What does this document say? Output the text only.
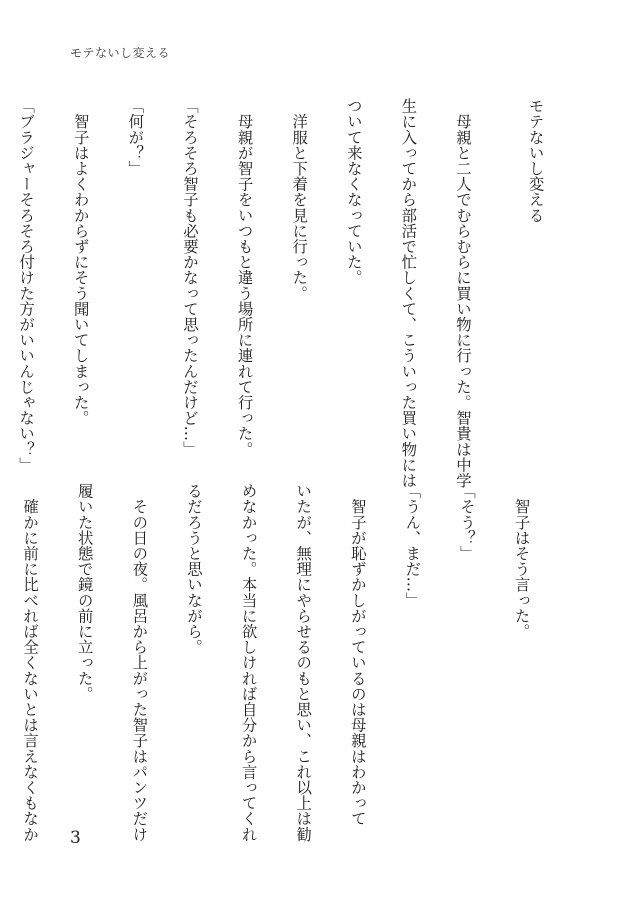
モテないし変える

モテないし変える

　母親と二人でむらむらに買い物に行った。智貴は中学

生に入ってから部活で忙しくて、こういった買い物には

ついて来なくなっていた。

　洋服と下着を見に行った。

　母親が智子をいつもと違う場所に連れて行った。

「そろそろ智子も必要かなって思ったんだけど…」

「何が？」

　智子はよくわからずにそう聞いてしまった。

「ブラジャーそろそろ付けた方がいいんじゃない？」

　智子はそう言った。

「そう？」

「うん、まだ…」

　智子が恥ずかしがっているのは母親はわかって

いたが、無理にやらせるのもと思い、これ以上は勧

めなかった。本当に欲しければ自分から言ってくれ

るだろうと思いながら。

　その日の夜。風呂から上がった智子はパンツだけ

履いた状態で鏡の前に立った。

　確かに前に比べれば全くないとは言えなくもなか

3
